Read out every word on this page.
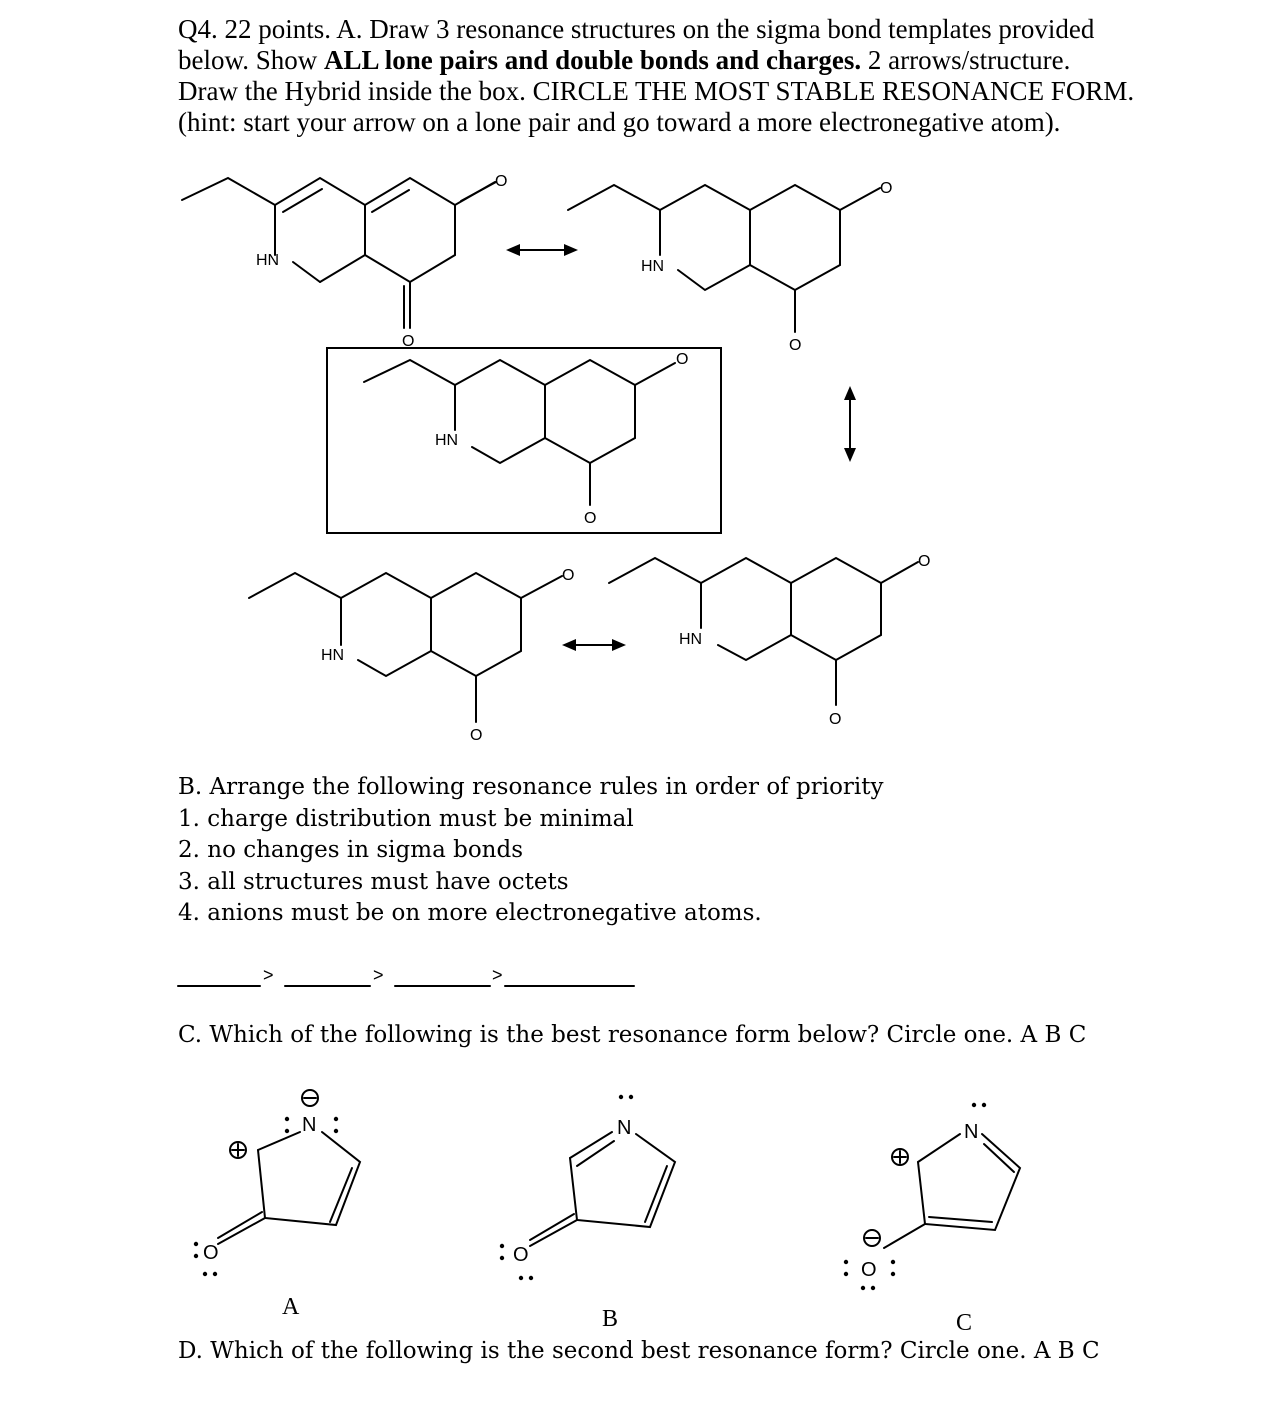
Q4. 22 points. A. Draw 3 resonance structures on the sigma bond templates provided

below. Show ALL lone pairs and double bonds and charges. 2 arrows/structure.

Draw the Hybrid inside the box. CIRCLE THE MOST STABLE RESONANCE FORM.

(hint: start your arrow on a lone pair and go toward a more electronegative atom).

O
O
HN
O
O
HN
O
O
HN
O
O
HN
O
O
HN
N
O
N
O
N
O
>	>	>
B. Arrange the following resonance rules in order of priority
1. charge distribution must be minimal
2. no changes in sigma bonds
3. all structures must have octets
4. anions must be on more electronegative atoms.
C. Which of the following is the best resonance form below? Circle one. A B C
A	B	C
D. Which of the following is the second best resonance form? Circle one. A B C
